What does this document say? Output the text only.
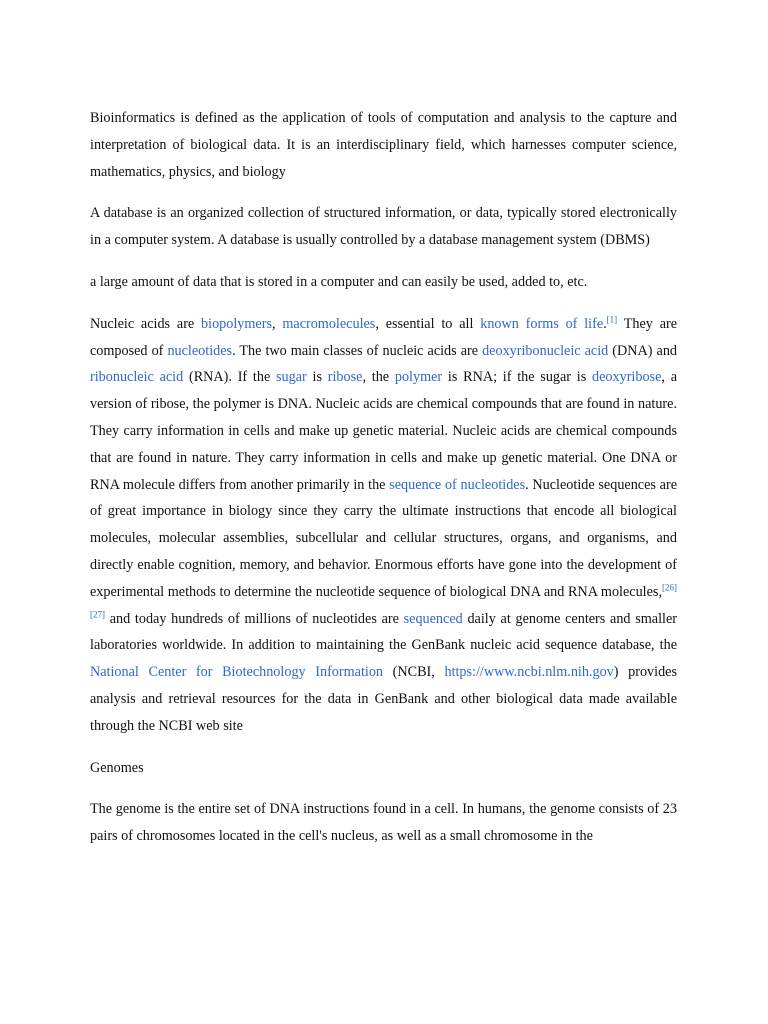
Bioinformatics is defined as the application of tools of computation and analysis to the capture and interpretation of biological data. It is an interdisciplinary field, which harnesses computer science, mathematics, physics, and biology

A database is an organized collection of structured information, or data, typically stored electronically in a computer system. A database is usually controlled by a database management system (DBMS)

a large amount of data that is stored in a computer and can easily be used, added to, etc.

Nucleic acids are biopolymers, macromolecules, essential to all known forms of life.[1] They are composed of nucleotides. The two main classes of nucleic acids are deoxyribonucleic acid (DNA) and ribonucleic acid (RNA). If the sugar is ribose, the polymer is RNA; if the sugar is deoxyribose, a version of ribose, the polymer is DNA. Nucleic acids are chemical compounds that are found in nature. They carry information in cells and make up genetic material. Nucleic acids are chemical compounds that are found in nature. They carry information in cells and make up genetic material. One DNA or RNA molecule differs from another primarily in the sequence of nucleotides. Nucleotide sequences are of great importance in biology since they carry the ultimate instructions that encode all biological molecules, molecular assemblies, subcellular and cellular structures, organs, and organisms, and directly enable cognition, memory, and behavior. Enormous efforts have gone into the development of experimental methods to determine the nucleotide sequence of biological DNA and RNA molecules,[26][27] and today hundreds of millions of nucleotides are sequenced daily at genome centers and smaller laboratories worldwide. In addition to maintaining the GenBank nucleic acid sequence database, the National Center for Biotechnology Information (NCBI, https://www.ncbi.nlm.nih.gov) provides analysis and retrieval resources for the data in GenBank and other biological data made available through the NCBI web site

Genomes

The genome is the entire set of DNA instructions found in a cell. In humans, the genome consists of 23 pairs of chromosomes located in the cell's nucleus, as well as a small chromosome in the
